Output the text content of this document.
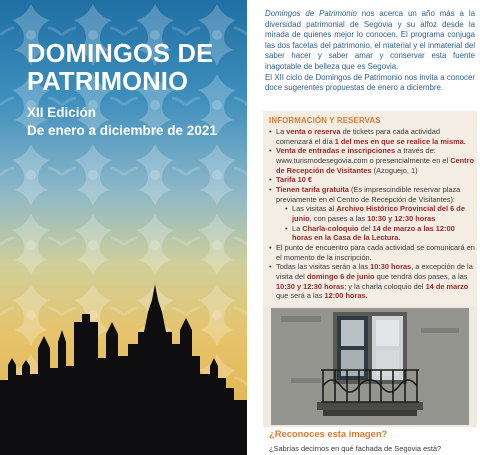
DOMINGOS DE
PATRIMONIO
XII Edición
De enero a diciembre de 2021
Domingos de Patrimonio nos acerca un año más a la diversidad patrimonial de Segovia y su alfoz desde la mirada de quienes mejor lo conocen. El programa conjuga las dos facetas del patrimonio, el material y el inmaterial del saber hacer y saber amar y conservar esta fuente inagotable de belleza que es Segovia.
El XII ciclo de Domingos de Patrimonio nos invita a conocer doce sugerentes propuestas de enero a diciembre.
INFORMACIÓN Y RESERVAS
• La venta o reserva de tickets para cada actividad comenzará el día 1 del mes en que se realice la misma.
• Venta de entradas e inscripciones a través de: www.turismodesegovia.com o presencialmente en el Centro de Recepción de Visitantes (Azoguejo, 1)
• Tarifa 10 €
• Tienen tarifa gratuita (Es imprescindible reservar plaza previamente en el Centro de Recepción de Visitantes):
• Las visitas al Archivo Histórico Provincial del 6 de junio, con pases a las 10:30 y 12:30 horas
• La Charla-coloquio del 14 de marzo a las 12:00 horas en la Casa de la Lectura.
• El punto de encuentro para cada actividad se comunicará en el momento de la inscripción.
• Todas las visitas serán a las 10:30 horas, a excepción de la visita del domingo 6 de junio que tendrá dos pases, a las 10:30 y 12:30 horas; y la charla coloquio del 14 de marzo que será a las 12:00 horas.
¿Reconoces esta imagen?
¿Sabrías decirnos en qué fachada de Segovia está?
